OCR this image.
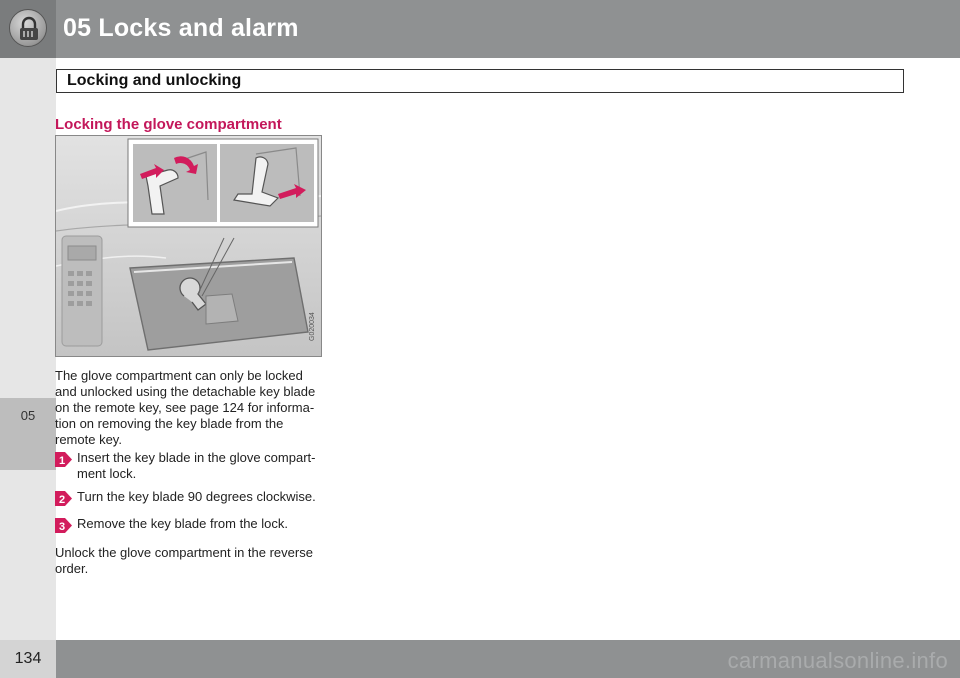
05 Locks and alarm
05
Locking and unlocking
Locking the glove compartment
G020034
The glove compartment can only be locked and unlocked using the detachable key blade on the remote key, see page 124 for informa-tion on removing the key blade from the remote key.
1 Insert the key blade in the glove compart-ment lock.
2 Turn the key blade 90 degrees clockwise.
3 Remove the key blade from the lock.
Unlock the glove compartment in the reverse order.
134	carmanualsonline.info
